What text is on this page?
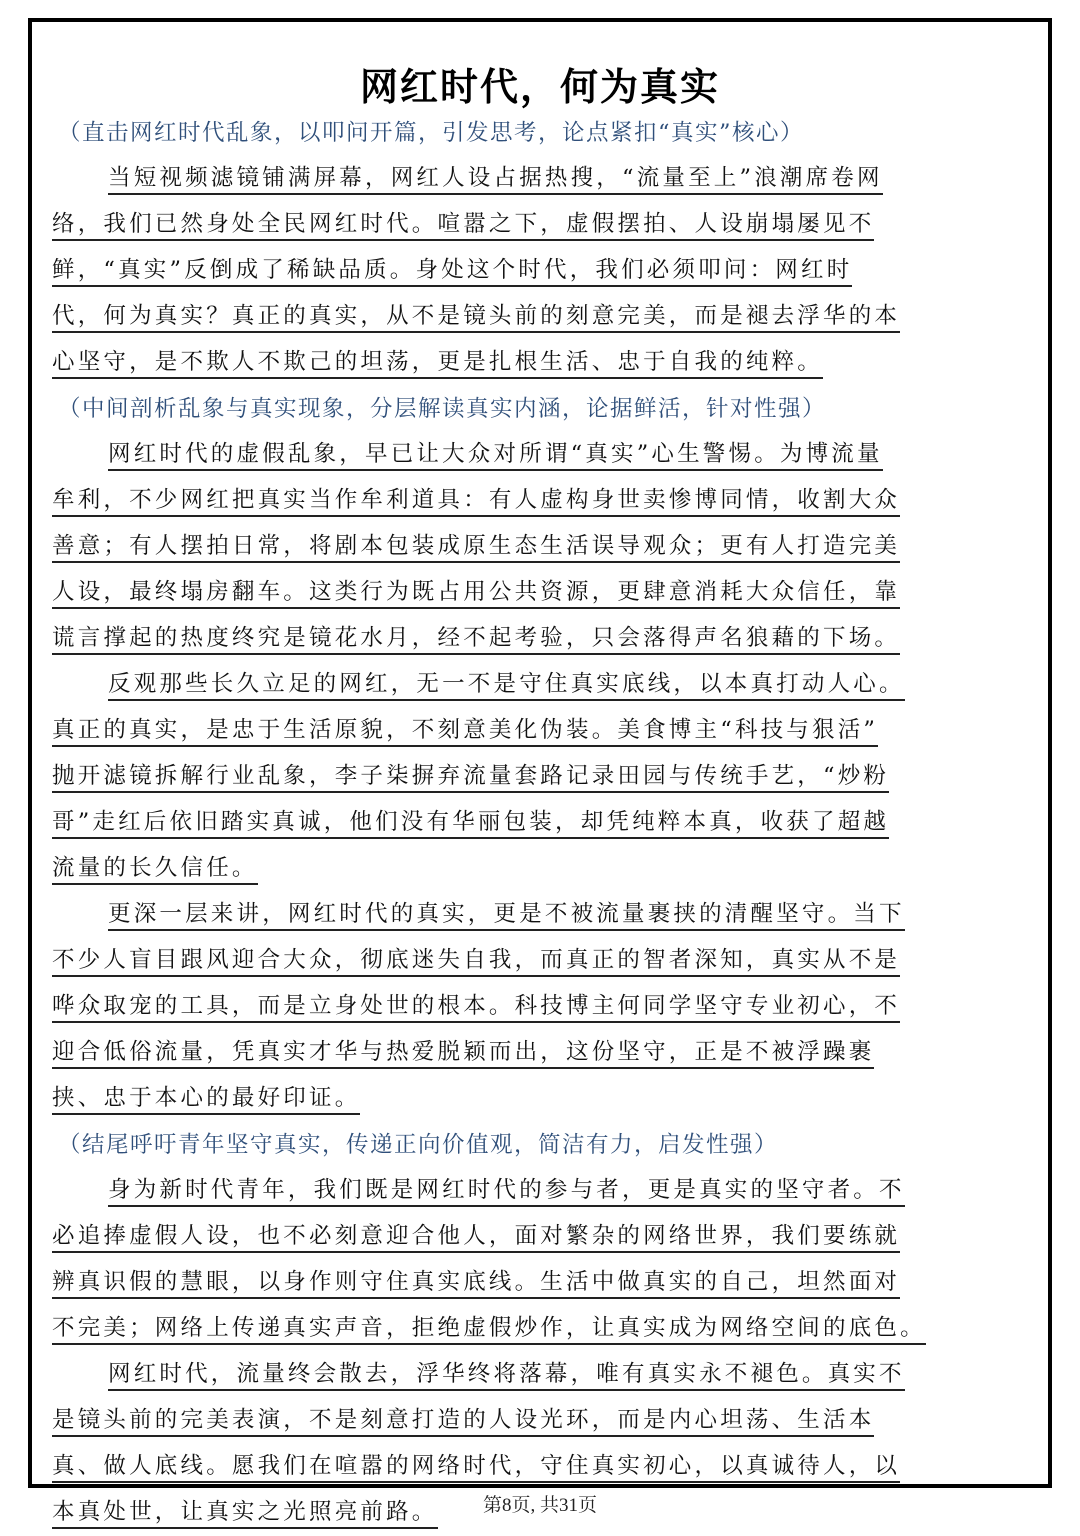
网红时代，何为真实
（直击网红时代乱象，以叩问开篇，引发思考，论点紧扣“真实”核心）
当短视频滤镜铺满屏幕，网红人设占据热搜，“流量至上”浪潮席卷网
络，我们已然身处全民网红时代。喧嚣之下，虚假摆拍、人设崩塌屡见不
鲜，“真实”反倒成了稀缺品质。身处这个时代，我们必须叩问：网红时
代，何为真实？真正的真实，从不是镜头前的刻意完美，而是褪去浮华的本
心坚守，是不欺人不欺己的坦荡，更是扎根生活、忠于自我的纯粹。
（中间剖析乱象与真实现象，分层解读真实内涵，论据鲜活，针对性强）
网红时代的虚假乱象，早已让大众对所谓“真实”心生警惕。为博流量
牟利，不少网红把真实当作牟利道具：有人虚构身世卖惨博同情，收割大众
善意；有人摆拍日常，将剧本包装成原生态生活误导观众；更有人打造完美
人设，最终塌房翻车。这类行为既占用公共资源，更肆意消耗大众信任，靠
谎言撑起的热度终究是镜花水月，经不起考验，只会落得声名狼藉的下场。
反观那些长久立足的网红，无一不是守住真实底线，以本真打动人心。
真正的真实，是忠于生活原貌，不刻意美化伪装。美食博主“科技与狠活”
抛开滤镜拆解行业乱象，李子柒摒弃流量套路记录田园与传统手艺，“炒粉
哥”走红后依旧踏实真诚，他们没有华丽包装，却凭纯粹本真，收获了超越
流量的长久信任。
更深一层来讲，网红时代的真实，更是不被流量裹挟的清醒坚守。当下
不少人盲目跟风迎合大众，彻底迷失自我，而真正的智者深知，真实从不是
哗众取宠的工具，而是立身处世的根本。科技博主何同学坚守专业初心，不
迎合低俗流量，凭真实才华与热爱脱颖而出，这份坚守，正是不被浮躁裹
挟、忠于本心的最好印证。
（结尾呼吁青年坚守真实，传递正向价值观，简洁有力，启发性强）
身为新时代青年，我们既是网红时代的参与者，更是真实的坚守者。不
必追捧虚假人设，也不必刻意迎合他人，面对繁杂的网络世界，我们要练就
辨真识假的慧眼，以身作则守住真实底线。生活中做真实的自己，坦然面对
不完美；网络上传递真实声音，拒绝虚假炒作，让真实成为网络空间的底色。
网红时代，流量终会散去，浮华终将落幕，唯有真实永不褪色。真实不
是镜头前的完美表演，不是刻意打造的人设光环，而是内心坦荡、生活本
真、做人底线。愿我们在喧嚣的网络时代，守住真实初心，以真诚待人，以
本真处世，让真实之光照亮前路。	第8页, 共31页
